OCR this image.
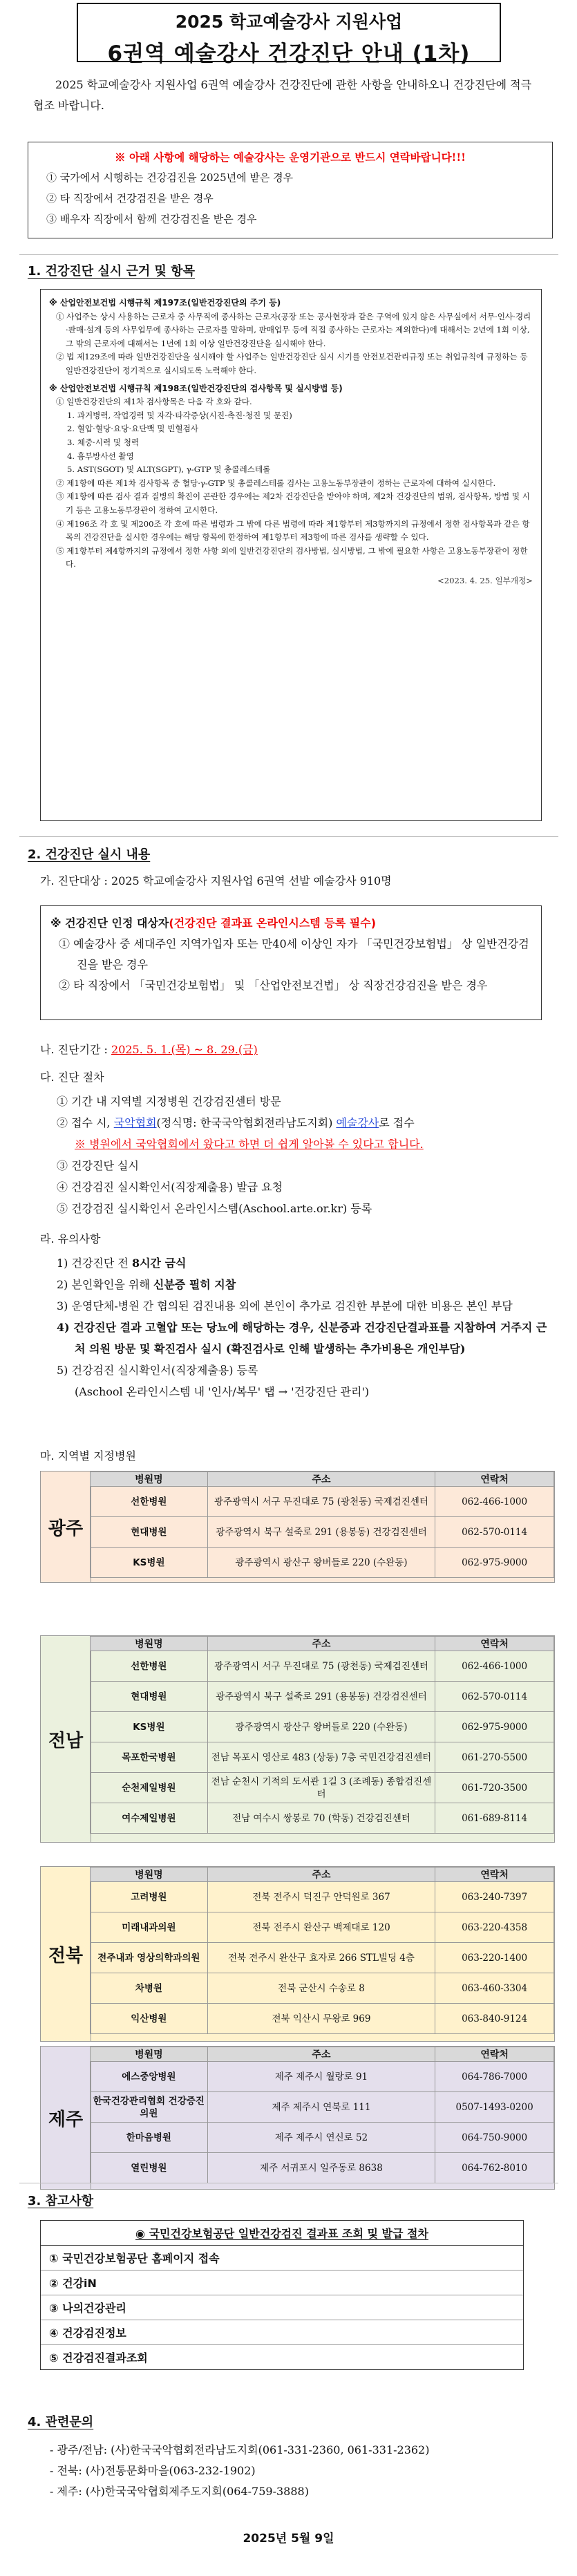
2025 학교예술강사 지원사업
6권역 예술강사 건강진단 안내 (1차)
2025 학교예술강사 지원사업 6권역 예술강사 건강진단에 관한 사항을 안내하오니 건강진단에 적극 협조 바랍니다.
※ 아래 사항에 해당하는 예술강사는 운영기관으로 반드시 연락바랍니다!!!
① 국가에서 시행하는 건강검진을 2025년에 받은 경우
② 타 직장에서 건강검진을 받은 경우
③ 배우자 직장에서 함께 건강검진을 받은 경우
1. 건강진단 실시 근거 및 항목
※ 산업안전보건법 시행규칙 제197조(일반건강진단의 주기 등)
① 사업주는 상시 사용하는 근로자 중 사무직에 종사하는 근로자(공장 또는 공사현장과 같은 구역에 있지 않은 사무실에서 서무·인사·경리·판매·설계 등의 사무업무에 종사하는 근로자를 말하며, 판매업무 등에 직접 종사하는 근로자는 제외한다)에 대해서는 2년에 1회 이상, 그 밖의 근로자에 대해서는 1년에 1회 이상 일반건강진단을 실시해야 한다.
② 법 제129조에 따라 일반건강진단을 실시해야 할 사업주는 일반건강진단 실시 시기를 안전보건관리규정 또는 취업규칙에 규정하는 등 일반건강진단이 정기적으로 실시되도록 노력해야 한다.
※ 산업안전보건법 시행규칙 제198조(일반건강진단의 검사항목 및 실시방법 등)
① 일반건강진단의 제1차 검사항목은 다음 각 호와 같다.
1. 과거병력, 작업경력 및 자각·타각증상(시진·촉진·청진 및 문진)
2. 혈압·혈당·요당·요단백 및 빈혈검사
3. 체중·시력 및 청력
4. 흉부방사선 촬영
5. AST(SGOT) 및 ALT(SGPT), γ-GTP 및 총콜레스테롤
② 제1항에 따른 제1차 검사항목 중 혈당·γ-GTP 및 총콜레스테롤 검사는 고용노동부장관이 정하는 근로자에 대하여 실시한다.
③ 제1항에 따른 검사 결과 질병의 확진이 곤란한 경우에는 제2차 건강진단을 받아야 하며, 제2차 건강진단의 범위, 검사항목, 방법 및 시기 등은 고용노동부장관이 정하여 고시한다.
④ 제196조 각 호 및 제200조 각 호에 따른 법령과 그 밖에 다른 법령에 따라 제1항부터 제3항까지의 규정에서 정한 검사항목과 같은 항목의 건강진단을 실시한 경우에는 해당 항목에 한정하여 제1항부터 제3항에 따른 검사를 생략할 수 있다.
⑤ 제1항부터 제4항까지의 규정에서 정한 사항 외에 일반건강진단의 검사방법, 실시방법, 그 밖에 필요한 사항은 고용노동부장관이 정한다.
<2023. 4. 25. 일부개정>
2. 건강진단 실시 내용
가. 진단대상 : 2025 학교예술강사 지원사업 6권역 선발 예술강사 910명
※ 건강진단 인정 대상자(건강진단 결과표 온라인시스템 등록 필수)
① 예술강사 중 세대주인 지역가입자 또는 만40세 이상인 자가 「국민건강보험법」 상 일반건강검진을 받은 경우
② 타 직장에서 「국민건강보험법」 및 「산업안전보건법」 상 직장건강검진을 받은 경우
나. 진단기간 : 2025. 5. 1.(목) ~ 8. 29.(금)
다. 진단 절차
① 기간 내 지역별 지정병원 건강검진센터 방문
② 접수 시, 국악협회(정식명: 한국국악협회전라남도지회) 예술강사로 접수
※ 병원에서 국악협회에서 왔다고 하면 더 쉽게 알아볼 수 있다고 합니다.
③ 건강진단 실시
④ 건강검진 실시확인서(직장제출용) 발급 요청
⑤ 건강검진 실시확인서 온라인시스템(Aschool.arte.or.kr) 등록
라. 유의사항
1) 건강진단 전 8시간 금식
2) 본인확인을 위해 신분증 필히 지참
3) 운영단체-병원 간 협의된 검진내용 외에 본인이 추가로 검진한 부분에 대한 비용은 본인 부담
4) 건강진단 결과 고혈압 또는 당뇨에 해당하는 경우, 신분증과 건강진단결과표를 지참하여 거주지 근처 의원 방문 및 확진검사 실시 (확진검사로 인해 발생하는 추가비용은 개인부담)
5) 건강검진 실시확인서(직장제출용) 등록
(Aschool 온라인시스템 내 '인사/복무' 탭 → '건강진단 관리')
마. 지역별 지정병원
광주
병원명	주소	연락처
선한병원	광주광역시 서구 무진대로 75 (광천동) 국제검진센터	062-466-1000
현대병원	광주광역시 북구 설죽로 291 (용봉동) 건강검진센터	062-570-0114
KS병원	광주광역시 광산구 왕버들로 220 (수완동)	062-975-9000
전남
병원명	주소	연락처
선한병원	광주광역시 서구 무진대로 75 (광천동) 국제검진센터	062-466-1000
현대병원	광주광역시 북구 설죽로 291 (용봉동) 건강검진센터	062-570-0114
KS병원	광주광역시 광산구 왕버들로 220 (수완동)	062-975-9000
목포한국병원	전남 목포시 영산로 483 (상동) 7층 국민건강검진센터	061-270-5500
순천제일병원	전남 순천시 기적의 도서관 1길 3 (조례동) 종합검진센터	061-720-3500
여수제일병원	전남 여수시 쌍봉로 70 (학동) 건강검진센터	061-689-8114
전북
병원명	주소	연락처
고려병원	전북 전주시 덕진구 안덕원로 367	063-240-7397
미래내과의원	전북 전주시 완산구 백제대로 120	063-220-4358
전주내과 영상의학과의원	전북 전주시 완산구 효자로 266 STL빌딩 4층	063-220-1400
차병원	전북 군산시 수송로 8	063-460-3304
익산병원	전북 익산시 무왕로 969	063-840-9124
제주
병원명	주소	연락처
에스중앙병원	제주 제주시 월랑로 91	064-786-7000
한국건강관리협회 건강증진의원	제주 제주시 연북로 111	0507-1493-0200
한마음병원	제주 제주시 연신로 52	064-750-9000
열린병원	제주 서귀포시 일주동로 8638	064-762-8010
3. 참고사항
◉ 국민건강보험공단 일반건강검진 결과표 조회 및 발급 절차
① 국민건강보험공단 홈페이지 접속
② 건강iN
③ 나의건강관리
④ 건강검진정보
⑤ 건강검진결과조회
4. 관련문의
- 광주/전남: (사)한국국악협회전라남도지회(061-331-2360, 061-331-2362)
- 전북: (사)전통문화마을(063-232-1902)
- 제주: (사)한국국악협회제주도지회(064-759-3888)
2025년 5월 9일
